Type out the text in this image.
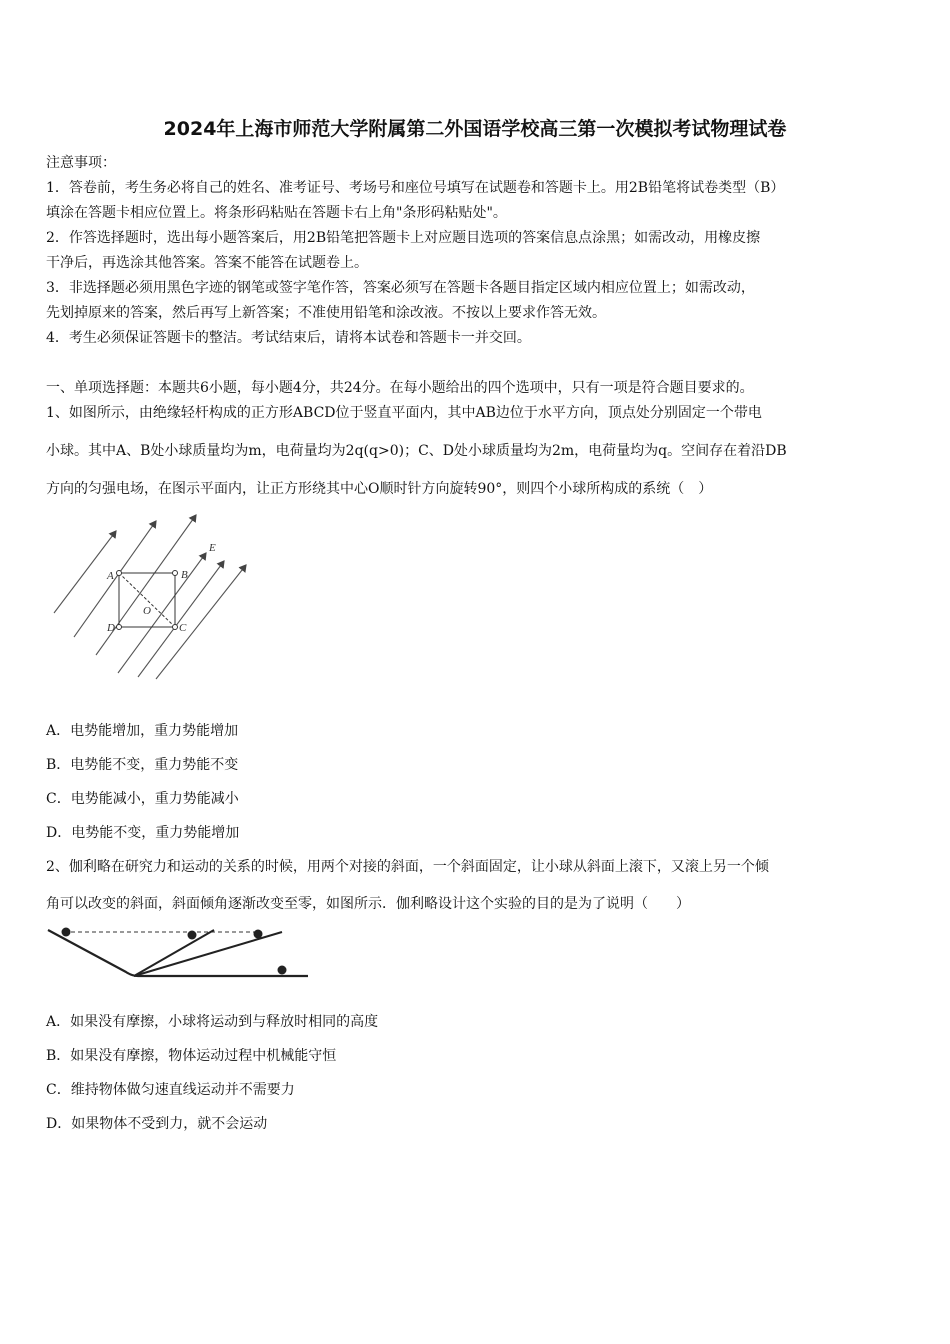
2024年上海市师范大学附属第二外国语学校高三第一次模拟考试物理试卷
注意事项：
1．答卷前，考生务必将自己的姓名、准考证号、考场号和座位号填写在试题卷和答题卡上。用2B铅笔将试卷类型（B）
填涂在答题卡相应位置上。将条形码粘贴在答题卡右上角"条形码粘贴处"。
2．作答选择题时，选出每小题答案后，用2B铅笔把答题卡上对应题目选项的答案信息点涂黑；如需改动，用橡皮擦
干净后，再选涂其他答案。答案不能答在试题卷上。
3．非选择题必须用黑色字迹的钢笔或签字笔作答，答案必须写在答题卡各题目指定区域内相应位置上；如需改动，
先划掉原来的答案，然后再写上新答案；不准使用铅笔和涂改液。不按以上要求作答无效。
4．考生必须保证答题卡的整洁。考试结束后，请将本试卷和答题卡一并交回。
一、单项选择题：本题共6小题，每小题4分，共24分。在每小题给出的四个选项中，只有一项是符合题目要求的。
1、如图所示，由绝缘轻杆构成的正方形ABCD位于竖直平面内，其中AB边位于水平方向，顶点处分别固定一个带电
小球。其中A、B处小球质量均为m，电荷量均为2q(q>0)；C、D处小球质量均为2m，电荷量均为q。空间存在着沿DB
方向的匀强电场，在图示平面内，让正方形绕其中心O顺时针方向旋转90°，则四个小球所构成的系统（　）
E
A	B
C
D
O
A．电势能增加，重力势能增加
B．电势能不变，重力势能不变
C．电势能减小，重力势能减小
D．电势能不变，重力势能增加
2、伽利略在研究力和运动的关系的时候，用两个对接的斜面，一个斜面固定，让小球从斜面上滚下，又滚上另一个倾
角可以改变的斜面，斜面倾角逐渐改变至零，如图所示．伽利略设计这个实验的目的是为了说明（　　）
A．如果没有摩擦，小球将运动到与释放时相同的高度
B．如果没有摩擦，物体运动过程中机械能守恒
C．维持物体做匀速直线运动并不需要力
D．如果物体不受到力，就不会运动
